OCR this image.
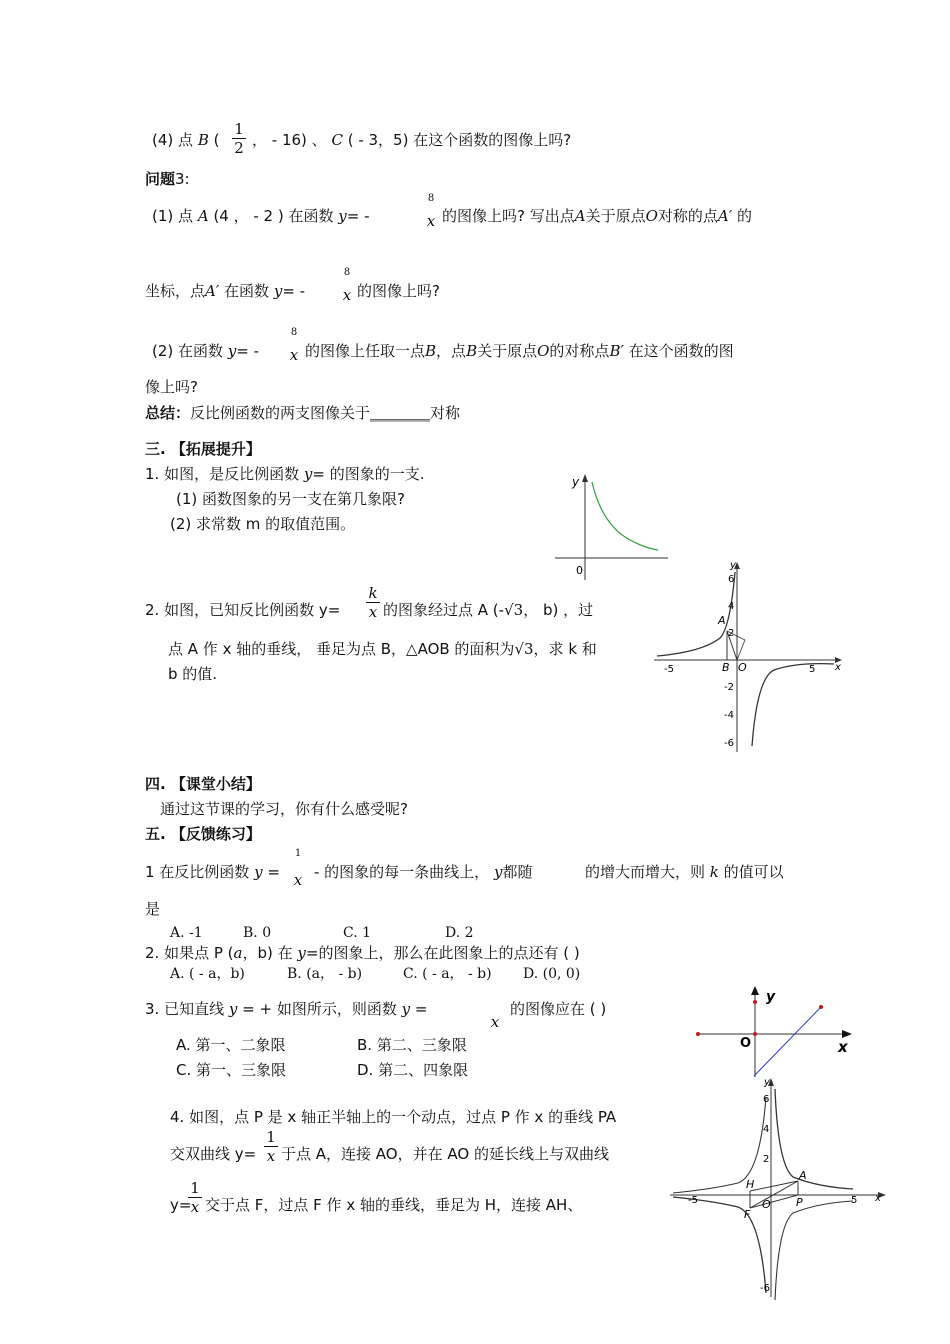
(4) 点 B (
1
2 ， - 16) 、 C ( - 3，5) 在这个函数的图像上吗?
问题3:
(1) 点 A (4 ， - 2 ) 在函数 y= -
8
x 的图像上吗? 写出点A关于原点O对称的点A′ 的
坐标，点A′ 在函数 y= -
8
x 的图像上吗?
(2) 在函数 y= -
8
x 的图像上任取一点B，点B关于原点O的对称点B′ 在这个函数的图
像上吗?
总结：反比例函数的两支图像关于________对称
三. 【拓展提升】
1. 如图，是反比例函数 y= 的图象的一支.
(1) 函数图象的另一支在第几象限?
(2) 求常数 m 的取值范围。
y
0
2. 如图，已知反比例函数 y=
k
x 的图象经过点 A (-√3， b) ，过
点 A 作 x 轴的垂线， 垂足为点 B，△AOB 的面积为√3，求 k 和
b 的值.
6
4
2
-2
-4
-6
-5	5
A
B O	x
y
四. 【课堂小结】
通过这节课的学习，你有什么感受呢?
五. 【反馈练习】
1 在反比例函数 y =
1
x - 的图象的每一条曲线上， y都随	的增大而增大，则 k 的值可以
是
A. -1	B. 0	C. 1	D. 2
2. 如果点 P (a，b) 在 y=的图象上，那么在此图象上的点还有 ( )
A. ( - a，b)	B. (a， - b)	C. ( - a， - b) D. (0, 0)
3. 已知直线 y = + 如图所示，则函数 y =
x
的图像应在 ( )
A. 第一、二象限	B. 第二、三象限
C. 第一、三象限	D. 第二、四象限
y
O	x
4. 如图，点 P 是 x 轴正半轴上的一个动点，过点 P 作 x 的垂线 PA
交双曲线 y=
1
x 于点 A，连接 AO，并在 AO 的延长线上与双曲线
y=
1
x 交于点 F，过点 F 作 x 轴的垂线，垂足为 H，连接 AH、
6
4
2
-6
-5	5
H
A
F
O P	x
y
